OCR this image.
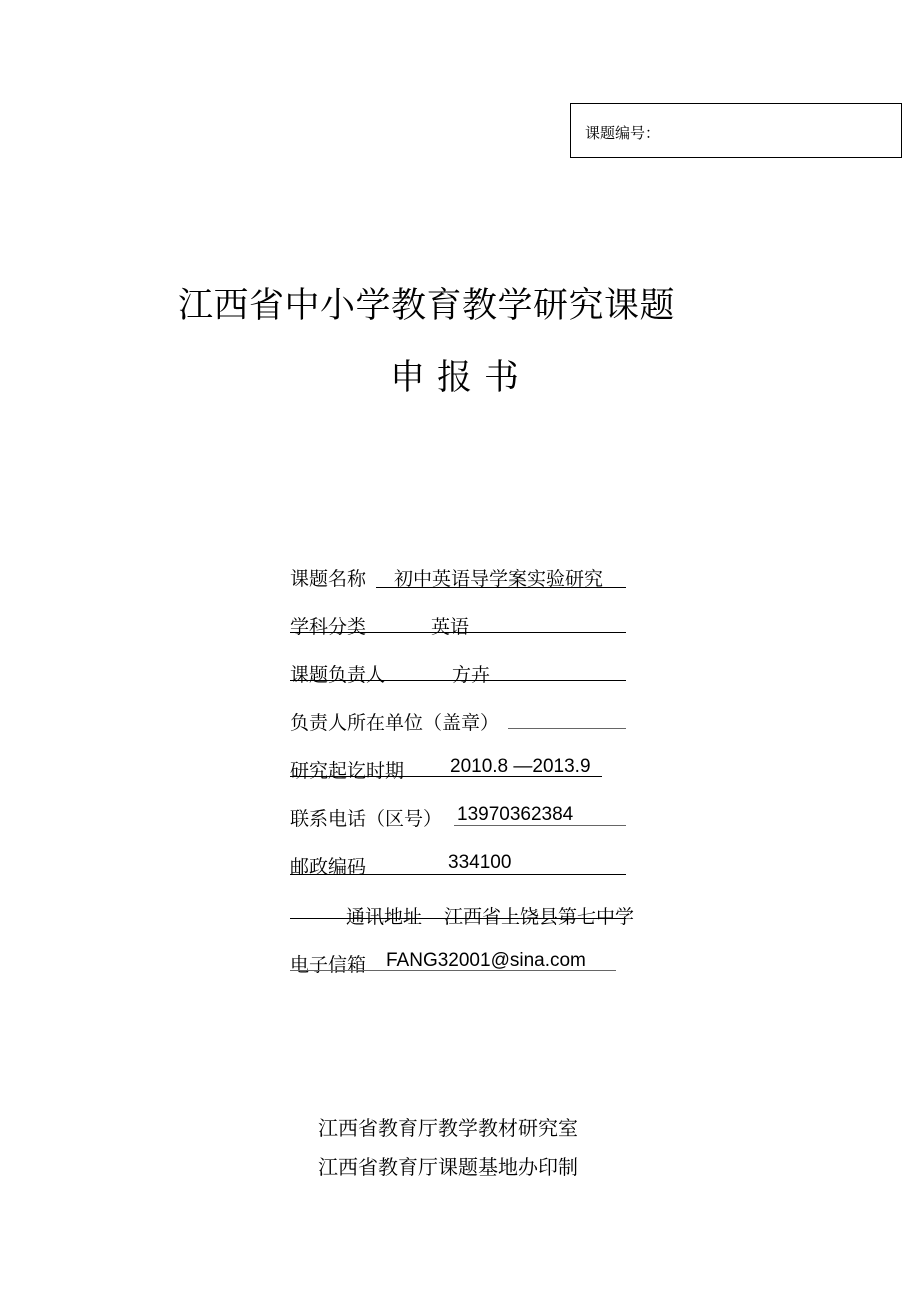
课题编号：
江西省中小学教育教学研究课题
申报书
课题名称 初中英语导学案实验研究
学科分类	英语
课题负责人	方卉
负责人所在单位（盖章）
研究起讫时期 2010.8 —2013.9
联系电话（区号） 13970362384
邮政编码	334100
通讯地址 江西省上饶县第七中学
电子信箱 FANG32001@sina.com
江西省教育厅教学教材研究室
江西省教育厅课题基地办印制
